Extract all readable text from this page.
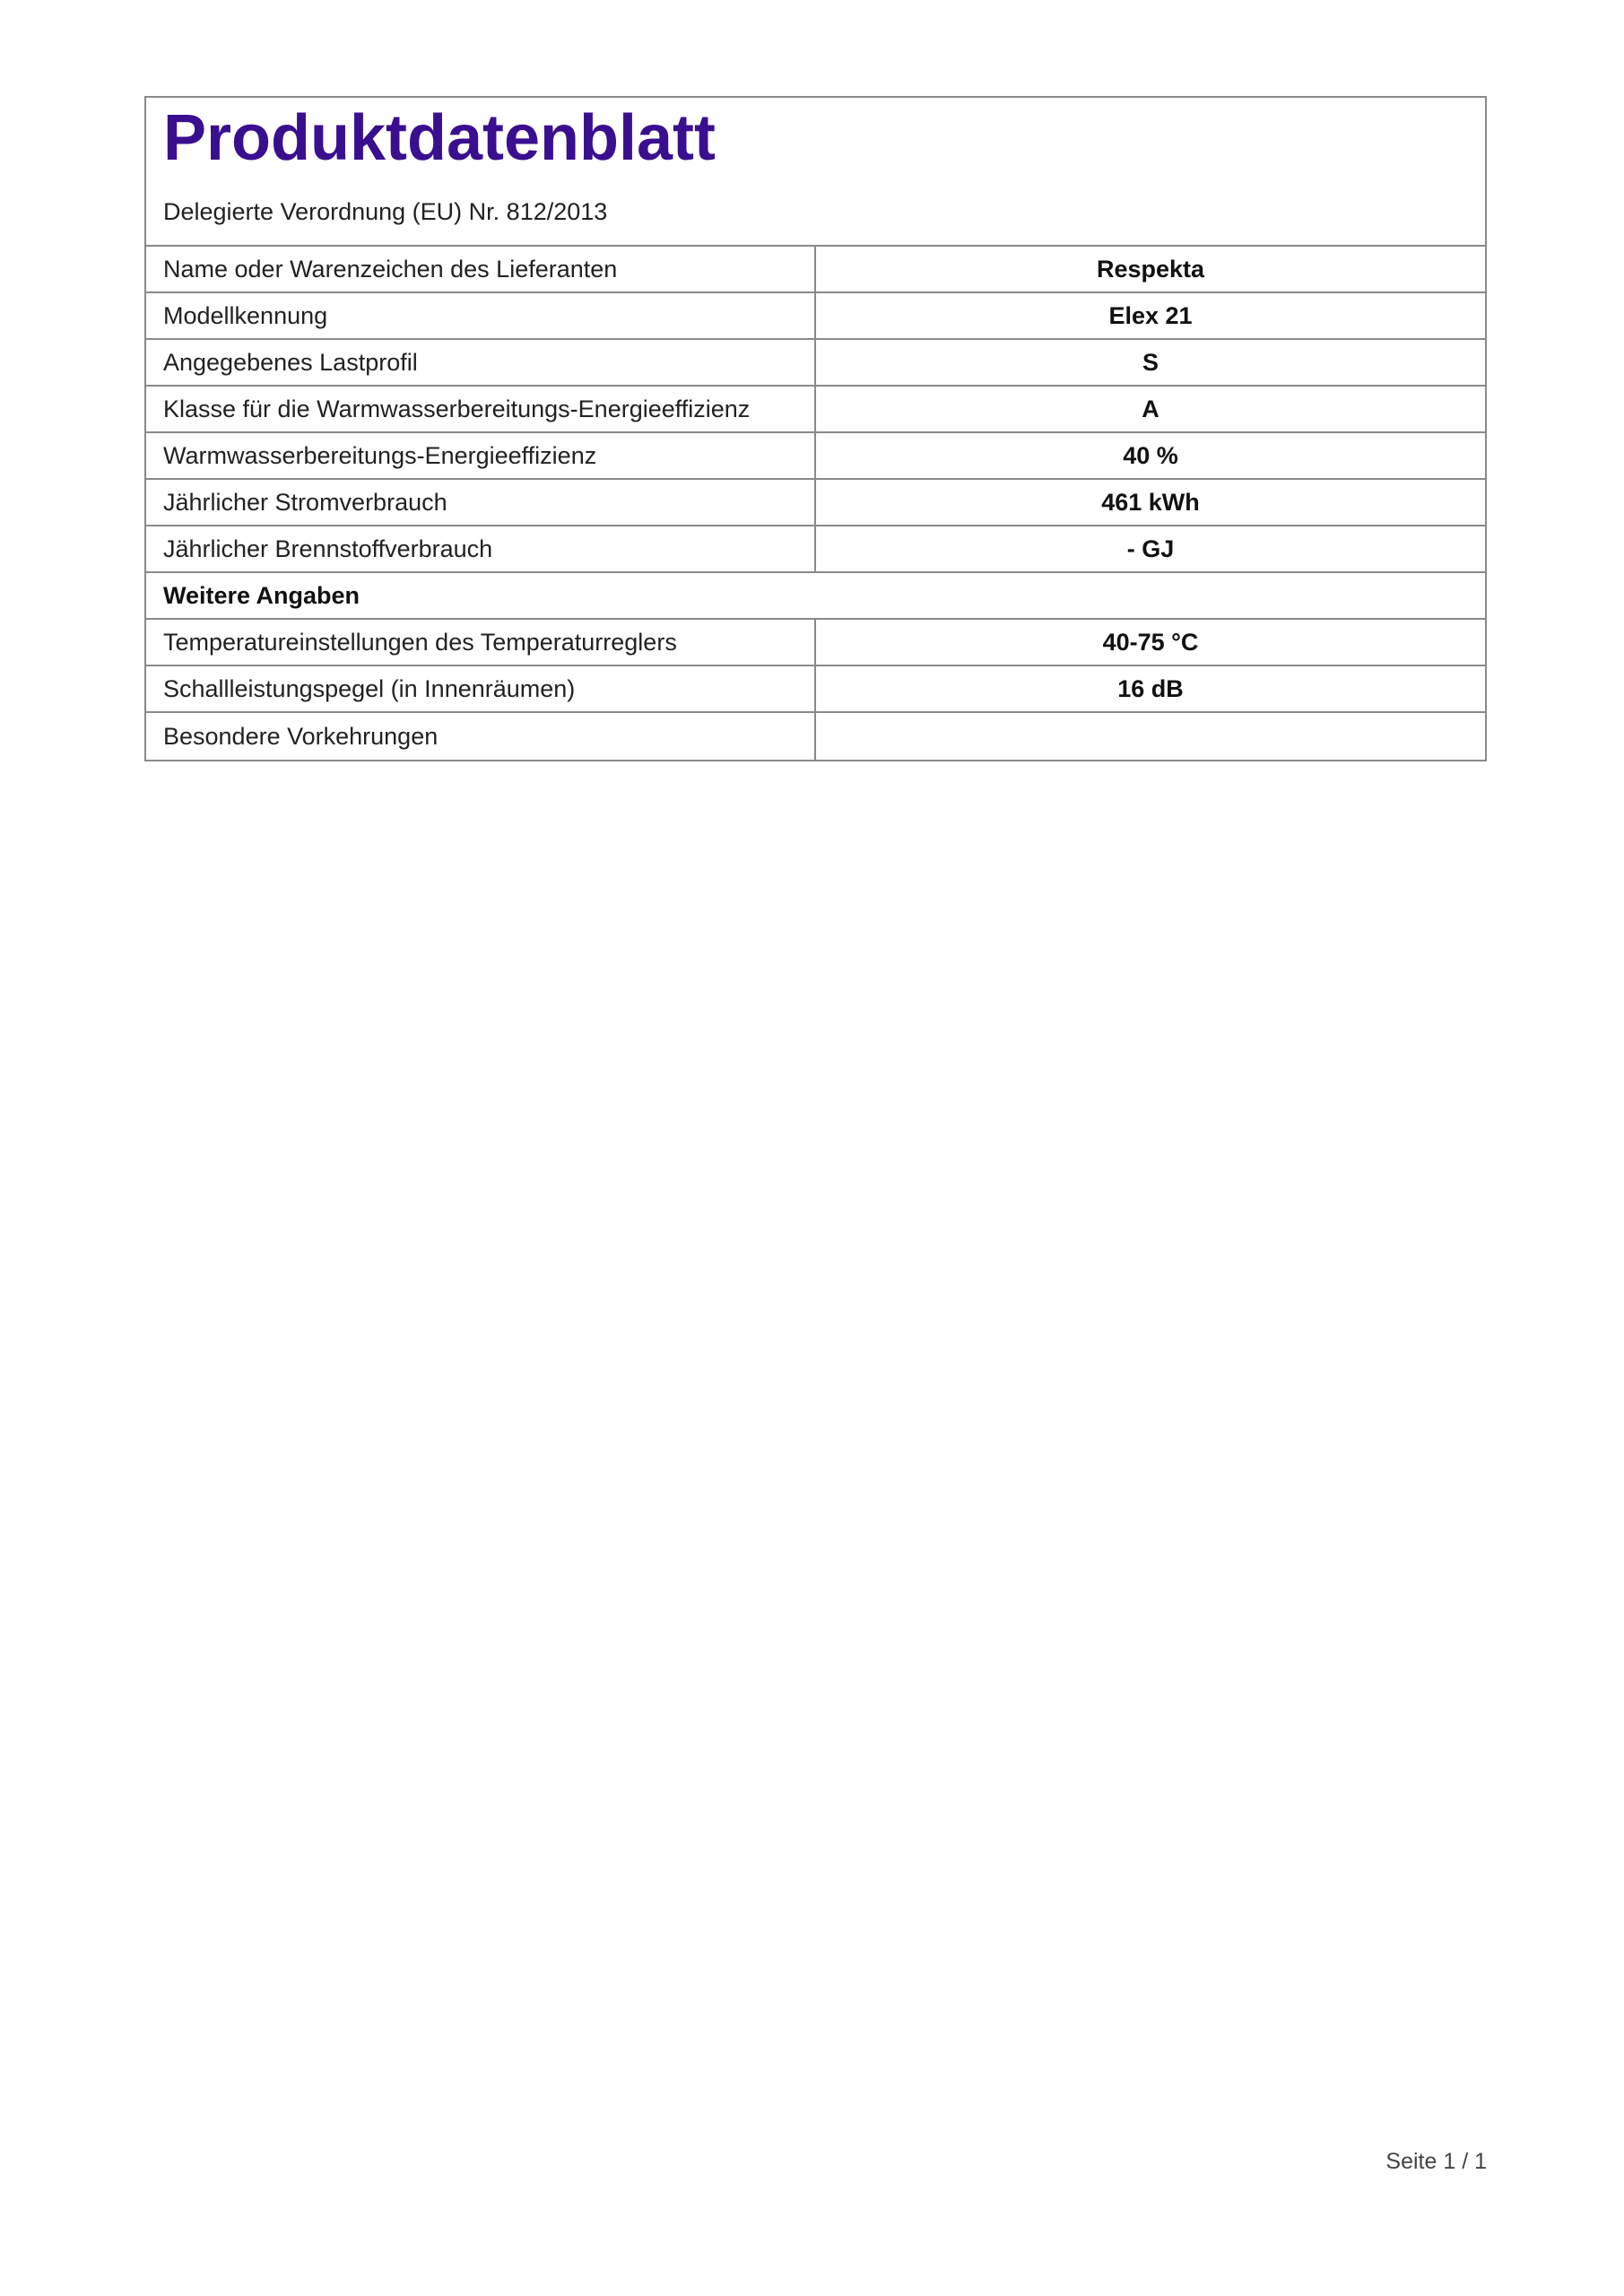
Produktdatenblatt
Delegierte Verordnung (EU) Nr. 812/2013
Name oder Warenzeichen des Lieferanten	Respekta
Modellkennung	Elex 21
Angegebenes Lastprofil	S
Klasse für die Warmwasserbereitungs-Energieeffizienz	A
Warmwasserbereitungs-Energieeffizienz	40 %
Jährlicher Stromverbrauch	461 kWh
Jährlicher Brennstoffverbrauch	- GJ
Weitere Angaben
Temperatureinstellungen des Temperaturreglers	40-75 °C
Schallleistungspegel (in Innenräumen)	16 dB
Besondere Vorkehrungen
Seite 1 / 1
